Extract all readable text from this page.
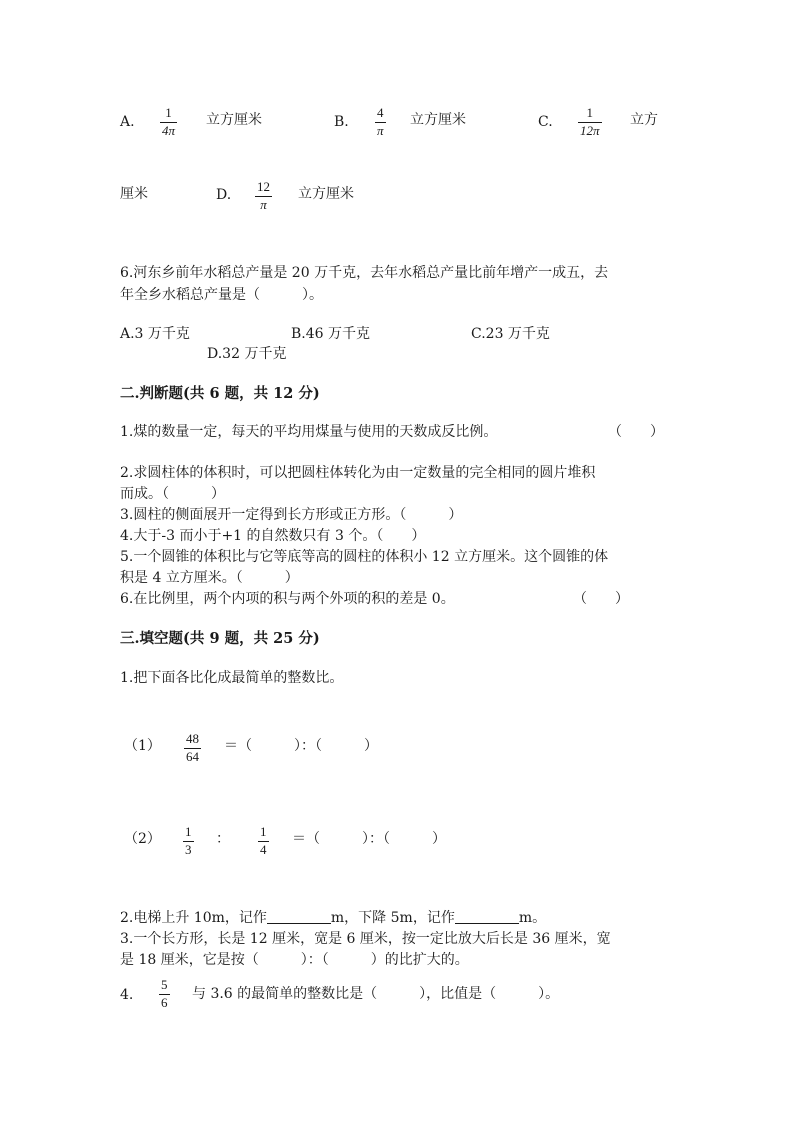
A.
1
4π
立方厘米	B.
4
π
立方厘米	C.
1
12π
立方
厘米	D.
12
π
立方厘米
6.河东乡前年水稻总产量是 20 万千克，去年水稻总产量比前年增产一成五，去
年全乡水稻总产量是（　　　）。
A.3 万千克	B.46 万千克	C.23 万千克
D.32 万千克
二.判断题(共 6 题，共 12 分)
1.煤的数量一定，每天的平均用煤量与使用的天数成反比例。	（　　）
2.求圆柱体的体积时，可以把圆柱体转化为由一定数量的完全相同的圆片堆积
而成。（　　　）
3.圆柱的侧面展开一定得到长方形或正方形。（　　　）
4.大于-3 而小于+1 的自然数只有 3 个。（　　）
5.一个圆锥的体积比与它等底等高的圆柱的体积小 12 立方厘米。这个圆锥的体
积是 4 立方厘米。（　　　）
6.在比例里，两个内项的积与两个外项的积的差是 0。	（　　）
三.填空题(共 9 题，共 25 分)
1.把下面各比化成最简单的整数比。
（1） 48
64
＝（　　　）：（　　　）
（2） 1
3
： 1
4
＝（　　　）：（　　　）
2.电梯上升 10m，记作	m，下降 5m，记作	m。
3.一个长方形，长是 12 厘米，宽是 6 厘米，按一定比放大后长是 36 厘米，宽
是 18 厘米，它是按（　　　）：（　　　）的比扩大的。
4.
5
6
与 3.6 的最简单的整数比是（　　　），比值是（　　　）。
